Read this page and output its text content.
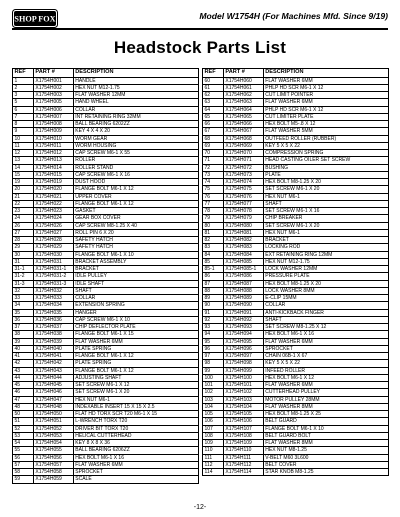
SHOP FOX	Model W1754H (For Machines Mfd. Since 9/19)
Headstock Parts List
REF	PART #	DESCRIPTION
1	X1754H001	HANDLE
2	X1754H002	HEX NUT M12-1.75
3	X1754H003	FLAT WASHER 12MM
5	X1754H005	HAND WHEEL
6	X1754H006	COLLAR
7	X1754H007	INT RETAINING RING 32MM
8	X1754H008	BALL BEARING 6202ZZ
9	X1754H009	KEY 4 X 4 X 20
10	X1754H010	WORM GEAR
11	X1754H011	WORM HOUSING
12	X1754H012	CAP SCREW M6-1 X 55
13	X1754H013	ROLLER
14	X1754H014	ROLLER STAND
15	X1754H015	CAP SCREW M6-1 X 16
19	X1754H019	DUST HOOD
20	X1754H020	FLANGE BOLT M6-1 X 12
21	X1754H021	UPPER COVER
22	X1754H022	FLANGE BOLT M6-1 X 12
23	X1754H023	GASKET
24	X1754H024	GEAR BOX COVER
26	X1754H026	CAP SCREW M8-1.25 X 40
27	X1754H027	ROLL PIN 6 X 20
28	X1754H028	SAFETY HATCH
29	X1754H029	SAFETY HATCH
30	X1754H030	FLANGE BOLT M6-1 X 10
31	X1754H031	BRACKET ASSEMBLY
31-1	X1754H031-1	BRACKET
31-2	X1754H031-2	IDLE PULLEY
31-3	X1754H031-3	IDLE SHAFT
32	X1754H032	SHAFT
33	X1754H033	COLLAR
34	X1754H034	EXTENSION SPRING
35	X1754H035	HANGER
36	X1754H036	CAP SCREW M6-1 X 10
37	X1754H037	CHIP DEFLECTOR PLATE
38	X1754H038	FLANGE BOLT M6-1 X 15
39	X1754H039	FLAT WASHER 6MM
40	X1754H040	PLATE SPRING
41	X1754H041	FLANGE BOLT M6-1 X 12
42	X1754H042	PLATE SPRING
43	X1754H043	FLANGE BOLT M6-1 X 12
44	X1754H044	ADJUSTING SHAFT
45	X1754H045	SET SCREW M6-1 X 12
46	X1754H046	SET SCREW M6-1 X 20
47	X1754H047	HEX NUT M6-1
48	X1754H048	INDEXABLE INSERT 15 X 15 X 2.5
50	X1754H050	FLAT HD TORX SCR T20 M6-1 X 15
51	X1754H051	L-WRENCH TORX T20
52	X1754H052	DRIVER BIT TORX T20
53	X1754H053	HELICAL CUTTERHEAD
54	X1754H054	KEY 8 X 8 X 36
55	X1754H055	BALL BEARING 6206ZZ
56	X1754H056	HEX BOLT M6-1 X 16
57	X1754H057	FLAT WASHER 6MM
58	X1754H058	SPROCKET
59	X1754H059	SCALE
REF	PART #	DESCRIPTION
60	X1754H060	FLAT WASHER 6MM
61	X1754H061	PHLP HD SCR M6-1 X 12
62	X1754H062	CUT LIMIT POINTER
63	X1754H063	FLAT WASHER 6MM
64	X1754H064	PHLP HD SCR M6-1 X 12
65	X1754H065	CUT LIMITER PLATE
66	X1754H066	HEX BOLT M5-.8 X 12
67	X1754H067	FLAT WASHER 5MM
68	X1754H068	OUTFEED ROLLER (RUBBER)
69	X1754H069	KEY 5 X 5 X 22
70	X1754H070	COMPRESSION SPRING
71	X1754H071	HEAD CASTING OILER SET SCREW
72	X1754H072	BUSHING
73	X1754H073	PLATE
74	X1754H074	HEX BOLT M8-1.25 X 20
75	X1754H075	SET SCREW M6-1 X 20
76	X1754H076	HEX NUT M6-1
77	X1754H077	SHAFT
78	X1754H078	SET SCREW M6-1 X 16
79	X1754H079	CHIP BREAKER
80	X1754H080	SET SCREW M6-1 X 20
81	X1754H081	HEX NUT M6-1
82	X1754H082	BRACKET
83	X1754H083	LOCKING ROD
84	X1754H084	EXT RETAINING RING 12MM
85	X1754H085	HEX NUT M12-1.75
85-1	X1754H085-1	LOCK WASHER 12MM
86	X1754H086	PRESSURE PLATE
87	X1754H087	HEX BOLT M8-1.25 X 20
88	X1754H088	LOCK WASHER 8MM
89	X1754H089	E-CLIP 15MM
90	X1754H090	COLLAR
91	X1754H091	ANTI-KICKBACK FINGER
92	X1754H092	SHAFT
93	X1754H093	SET SCREW M8-1.25 X 12
94	X1754H094	HEX BOLT M6-1 X 16
95	X1754H095	FLAT WASHER 6MM
96	X1754H096	SPROCKET
97	X1754H097	CHAIN 06B-1 X 67
98	X1754H098	KEY 5 X 5 X 22
99	X1754H099	INFEED ROLLER
100	X1754H100	HEX BOLT M6-1 X 12
101	X1754H101	FLAT WASHER 6MM
102	X1754H102	CUTTERHEAD PULLEY
103	X1754H103	MOTOR PULLEY 28MM
104	X1754H104	FLAT WASHER 8MM
105	X1754H105	HEX BOLT M8-1.25 X 25
106	X1754H106	BELT GUARD
107	X1754H107	FLANGE BOLT M6-1 X 10
108	X1754H108	BELT GUARD BOLT
109	X1754H109	FLAT WASHER 8MM
110	X1754H110	HEX NUT M8-1.25
111	X1754H111	V-BELT M60 3L600
112	X1754H112	BELT COVER
114	X1754H114	STAR KNOB M8-1.25
-12-
